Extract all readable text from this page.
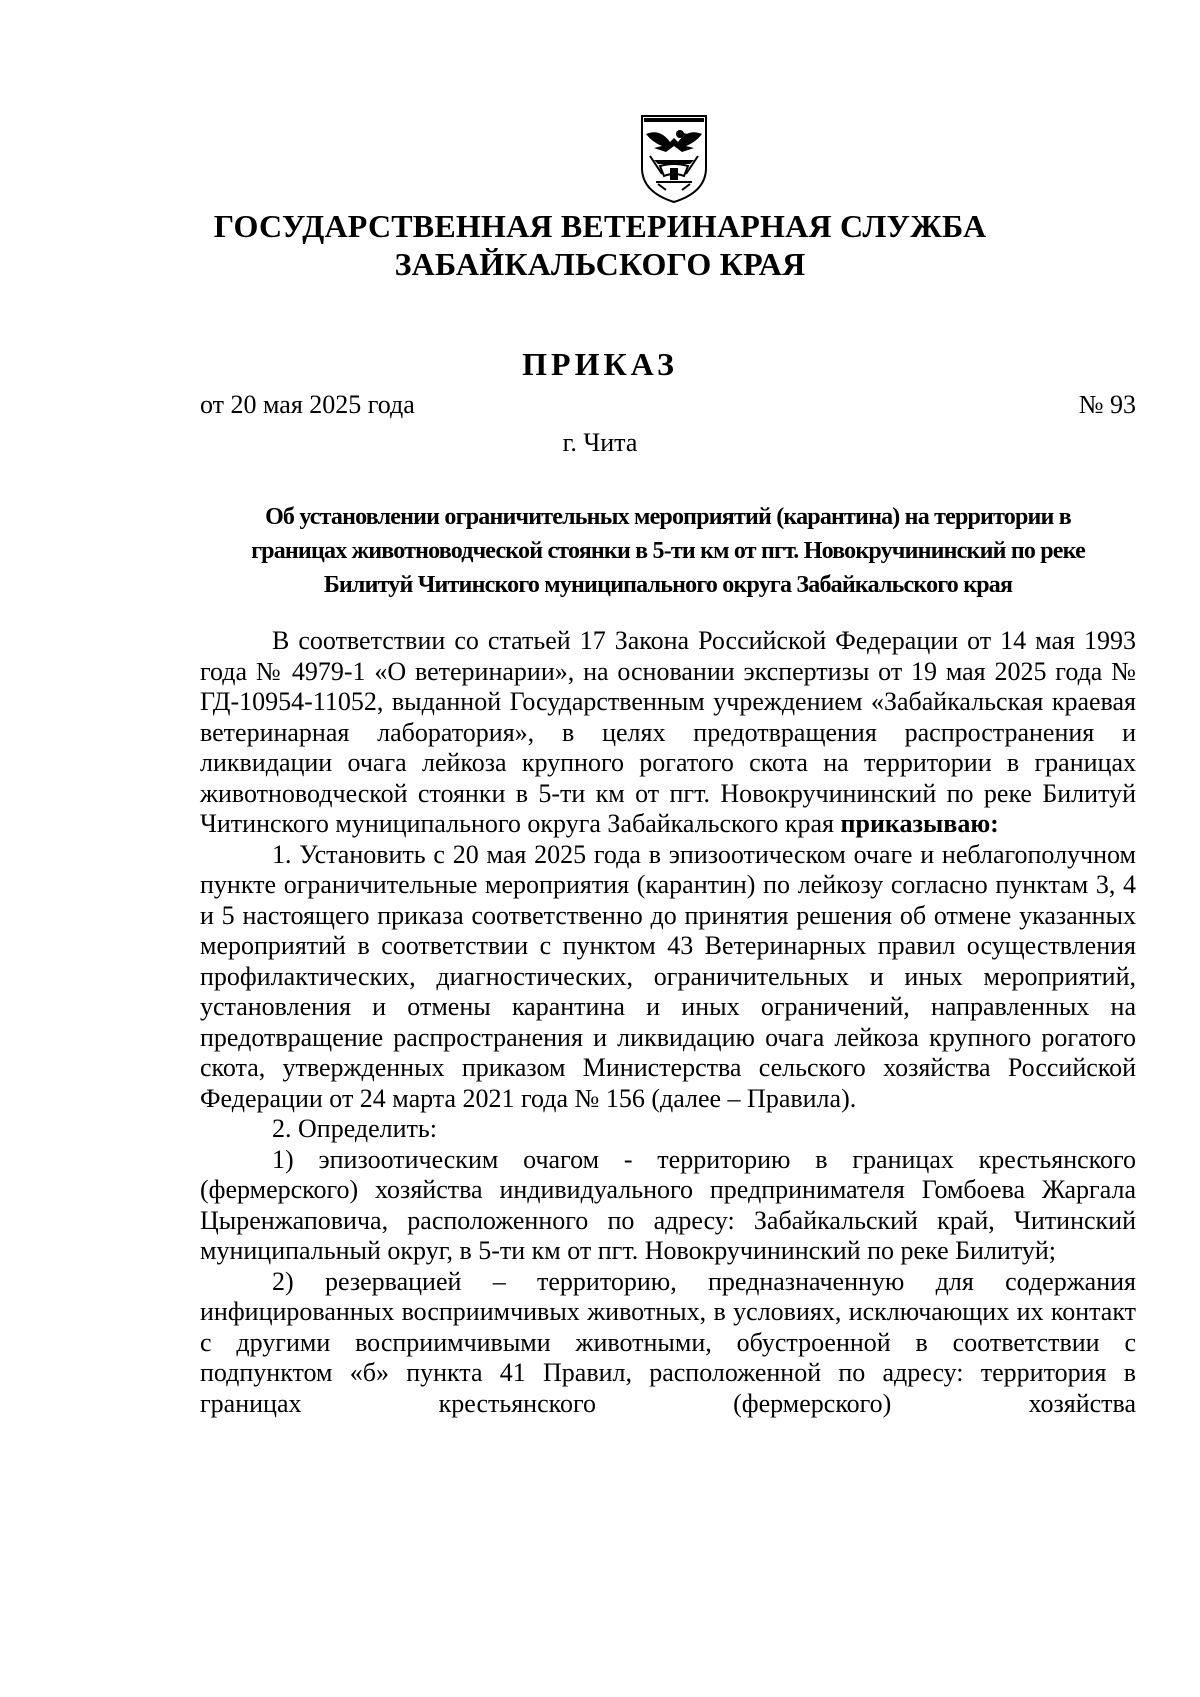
ГОСУДАРСТВЕННАЯ ВЕТЕРИНАРНАЯ СЛУЖБА
ЗАБАЙКАЛЬСКОГО КРАЯ
ПРИКАЗ
от 20 мая 2025 года	№ 93
г. Чита
Об установлении ограничительных мероприятий (карантина) на территории в
границах животноводческой стоянки в 5-ти км от пгт. Новокручининский по реке
Билитуй Читинского муниципального округа Забайкальского края

В соответствии со статьей 17 Закона Российской Федерации от 14 мая 1993 года № 4979-1 «О ветеринарии», на основании экспертизы от 19 мая 2025 года № ГД-10954-11052, выданной Государственным учреждением «Забайкальская краевая ветеринарная лаборатория», в целях предотвращения распространения и ликвидации очага лейкоза крупного рогатого скота на территории в границах животноводческой стоянки в 5-ти км от пгт. Новокручининский по реке Билитуй Читинского муниципального округа Забайкальского края приказываю:

1. Установить с 20 мая 2025 года в эпизоотическом очаге и неблагополучном пункте ограничительные мероприятия (карантин) по лейкозу согласно пунктам 3, 4 и 5 настоящего приказа соответственно до принятия решения об отмене указанных мероприятий в соответствии с пунктом 43 Ветеринарных правил осуществления профилактических, диагностических, ограничительных и иных мероприятий, установления и отмены карантина и иных ограничений, направленных на предотвращение распространения и ликвидацию очага лейкоза крупного рогатого скота, утвержденных приказом Министерства сельского хозяйства Российской Федерации от 24 марта 2021 года № 156 (далее – Правила).

2. Определить:

1) эпизоотическим очагом - территорию в границах крестьянского (фермерского) хозяйства индивидуального предпринимателя Гомбоева Жаргала Цыренжаповича, расположенного по адресу: Забайкальский край, Читинский муниципальный округ, в 5-ти км от пгт. Новокручининский по реке Билитуй;

2) резервацией – территорию, предназначенную для содержания инфицированных восприимчивых животных, в условиях, исключающих их контакт с другими восприимчивыми животными, обустроенной в соответствии с подпунктом «б» пункта 41 Правил, расположенной по адресу: территория в границах крестьянского (фермерского) хозяйства
